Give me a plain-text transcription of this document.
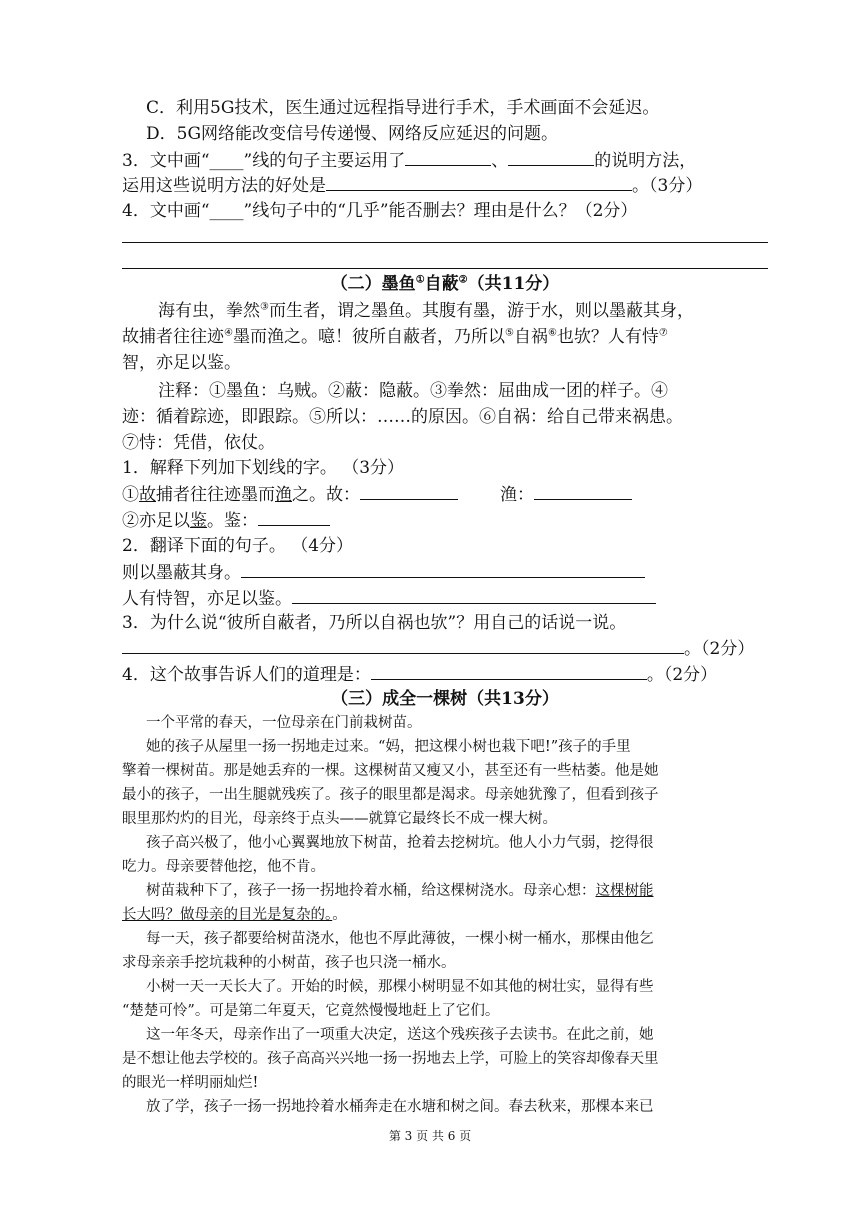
C．利用5G技术，医生通过远程指导进行手术，手术画面不会延迟。
D．5G网络能改变信号传递慢、网络反应延迟的问题。
3．文中画“____”线的句子主要运用了	、	的说明方法，
运用这些说明方法的好处是	。（3分）
4．文中画“____”线句子中的“几乎”能否删去？理由是什么？（2分）
（二）墨鱼①自蔽②（共11分）
海有虫，拳然③而生者，谓之墨鱼。其腹有墨，游于水，则以墨蔽其身，
故捕者往往迹④墨而渔之。噫！彼所自蔽者，乃所以⑤自祸⑥也欤？人有恃⑦
智，亦足以鉴。
注释：①墨鱼：乌贼。②蔽：隐蔽。③拳然：屈曲成一团的样子。④
迹：循着踪迹，即跟踪。⑤所以：……的原因。⑥自祸：给自己带来祸患。
⑦恃：凭借，依仗。
1．解释下列加下划线的字。 （3分）
①故捕者往往迹墨而渔之。故：	渔：
②亦足以鉴。鉴：
2．翻译下面的句子。 （4分）
则以墨蔽其身。
人有恃智，亦足以鉴。
3．为什么说“彼所自蔽者，乃所以自祸也欤”？用自己的话说一说。
。（2分）
4．这个故事告诉人们的道理是：	。（2分）
（三）成全一棵树（共13分）
一个平常的春天，一位母亲在门前栽树苗。
她的孩子从屋里一扬一拐地走过来。“妈，把这棵小树也栽下吧!”孩子的手里
擎着一棵树苗。那是她丢弃的一棵。这棵树苗又瘦又小，甚至还有一些枯萎。他是她
最小的孩子，一出生腿就残疾了。孩子的眼里都是渴求。母亲她犹豫了，但看到孩子
眼里那灼灼的目光，母亲终于点头——就算它最终长不成一棵大树。
孩子高兴极了，他小心翼翼地放下树苗，抢着去挖树坑。他人小力气弱，挖得很
吃力。母亲要替他挖，他不肯。
树苗栽种下了，孩子一扬一拐地拎着水桶，给这棵树浇水。母亲心想：这棵树能
长大吗？做母亲的目光是复杂的。。
每一天，孩子都要给树苗浇水，他也不厚此薄彼，一棵小树一桶水，那棵由他乞
求母亲亲手挖坑栽种的小树苗，孩子也只浇一桶水。
小树一天一天长大了。开始的时候，那棵小树明显不如其他的树壮实，显得有些
“楚楚可怜”。可是第二年夏天，它竟然慢慢地赶上了它们。
这一年冬天，母亲作出了一项重大决定，送这个残疾孩子去读书。在此之前，她
是不想让他去学校的。孩子高高兴兴地一扬一拐地去上学，可脸上的笑容却像春天里
的眼光一样明丽灿烂!
放了学，孩子一扬一拐地拎着水桶奔走在水塘和树之间。春去秋来，那棵本来已
第 3 页 共 6 页
